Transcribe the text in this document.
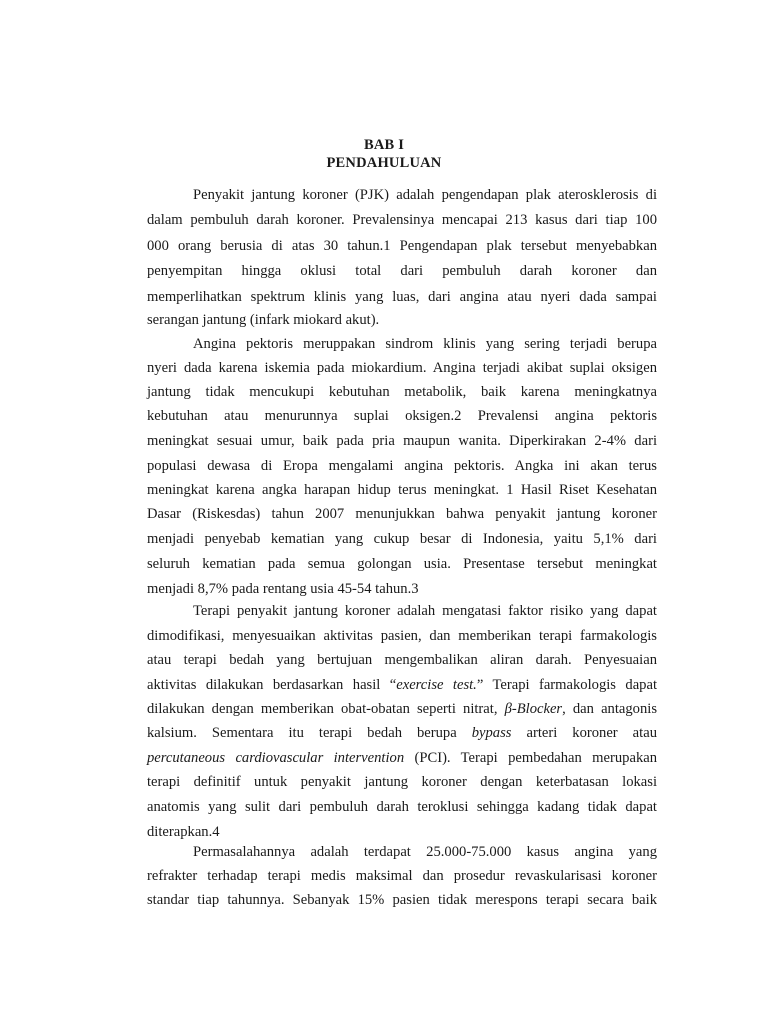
BAB I
PENDAHULUAN
Penyakit jantung koroner (PJK) adalah pengendapan plak aterosklerosis di
dalam pembuluh darah koroner. Prevalensinya mencapai 213 kasus dari tiap 100
000 orang berusia di atas 30 tahun.1 Pengendapan plak tersebut menyebabkan
penyempitan hingga oklusi total dari pembuluh darah koroner dan
memperlihatkan spektrum klinis yang luas, dari angina atau nyeri dada sampai
serangan jantung (infark miokard akut).
Angina pektoris meruppakan sindrom klinis yang sering terjadi berupa
nyeri dada karena iskemia pada miokardium. Angina terjadi akibat suplai oksigen
jantung tidak mencukupi kebutuhan metabolik, baik karena meningkatnya
kebutuhan atau menurunnya suplai oksigen.2 Prevalensi angina pektoris
meningkat sesuai umur, baik pada pria maupun wanita. Diperkirakan 2-4% dari
populasi dewasa di Eropa mengalami angina pektoris. Angka ini akan terus
meningkat karena angka harapan hidup terus meningkat. 1 Hasil Riset Kesehatan
Dasar (Riskesdas) tahun 2007 menunjukkan bahwa penyakit jantung koroner
menjadi penyebab kematian yang cukup besar di Indonesia, yaitu 5,1% dari
seluruh kematian pada semua golongan usia. Presentase tersebut meningkat
menjadi 8,7% pada rentang usia 45-54 tahun.3
Terapi penyakit jantung koroner adalah mengatasi faktor risiko yang dapat
dimodifikasi, menyesuaikan aktivitas pasien, dan memberikan terapi farmakologis
atau terapi bedah yang bertujuan mengembalikan aliran darah. Penyesuaian
aktivitas dilakukan berdasarkan hasil “exercise test.” Terapi farmakologis dapat
dilakukan dengan memberikan obat-obatan seperti nitrat, β-Blocker, dan antagonis
kalsium. Sementara itu terapi bedah berupa bypass arteri koroner atau
percutaneous cardiovascular intervention (PCI). Terapi pembedahan merupakan
terapi definitif untuk penyakit jantung koroner dengan keterbatasan lokasi
anatomis yang sulit dari pembuluh darah teroklusi sehingga kadang tidak dapat
diterapkan.4
Permasalahannya adalah terdapat 25.000-75.000 kasus angina yang
refrakter terhadap terapi medis maksimal dan prosedur revaskularisasi koroner
standar tiap tahunnya. Sebanyak 15% pasien tidak merespons terapi secara baik
